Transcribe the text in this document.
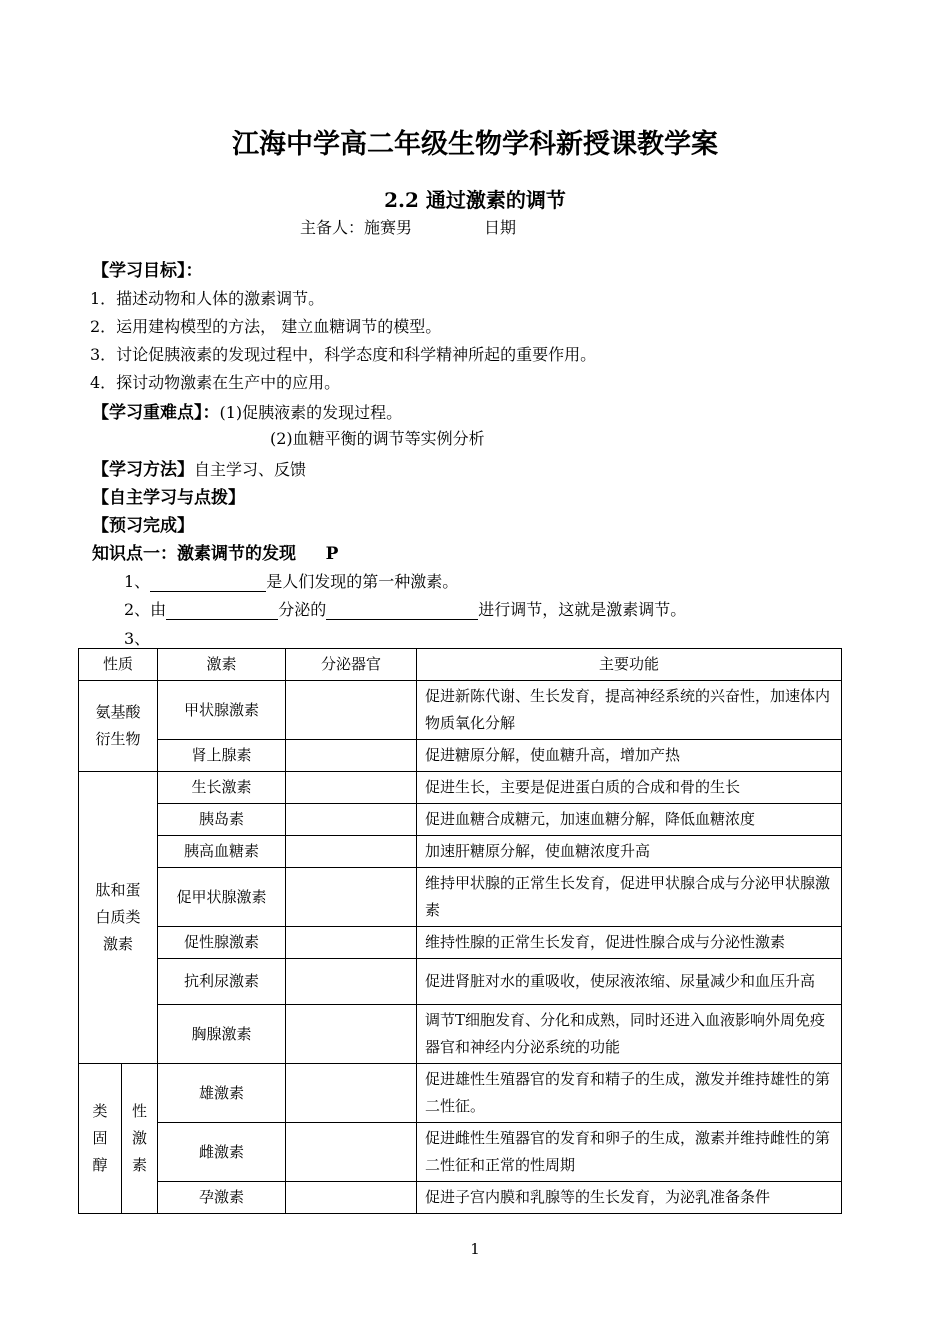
江海中学高二年级生物学科新授课教学案
2.2 通过激素的调节
主备人：施赛男	日期
【学习目标】：
1．描述动物和人体的激素调节。
2．运用建构模型的方法， 建立血糖调节的模型。
3．讨论促胰液素的发现过程中，科学态度和科学精神所起的重要作用。
4．探讨动物激素在生产中的应用。
【学习重难点】：(1)促胰液素的发现过程。
(2)血糖平衡的调节等实例分析
【学习方法】自主学习、反馈
【自主学习与点拨】
【预习完成】
知识点一：激素调节的发现     P
1、	是人们发现的第一种激素。
2、由	分泌的	进行调节，这就是激素调节。
3、
性质		激素	分泌器官	主要功能
氨基酸衍生物		甲状腺激素		促进新陈代谢、生长发育，提高神经系统的兴奋性，加速体内物质氧化分解
		肾上腺素		促进糖原分解，使血糖升高，增加产热
肽和蛋白质类激素		生长激素		促进生长，主要是促进蛋白质的合成和骨的生长
		胰岛素		促进血糖合成糖元，加速血糖分解，降低血糖浓度
		胰高血糖素		加速肝糖原分解，使血糖浓度升高
		促甲状腺激素		维持甲状腺的正常生长发育，促进甲状腺合成与分泌甲状腺激素
		促性腺激素		维持性腺的正常生长发育，促进性腺合成与分泌性激素
		抗利尿激素		促进肾脏对水的重吸收，使尿液浓缩、尿量减少和血压升高
		胸腺激素		调节T细胞发育、分化和成熟，同时还进入血液影响外周免疫器官和神经内分泌系统的功能
类固醇	性激素	雄激素		促进雄性生殖器官的发育和精子的生成，激发并维持雄性的第二性征。
		雌激素		促进雌性生殖器官的发育和卵子的生成，激素并维持雌性的第二性征和正常的性周期
		孕激素		促进子宫内膜和乳腺等的生长发育，为泌乳准备条件
1
